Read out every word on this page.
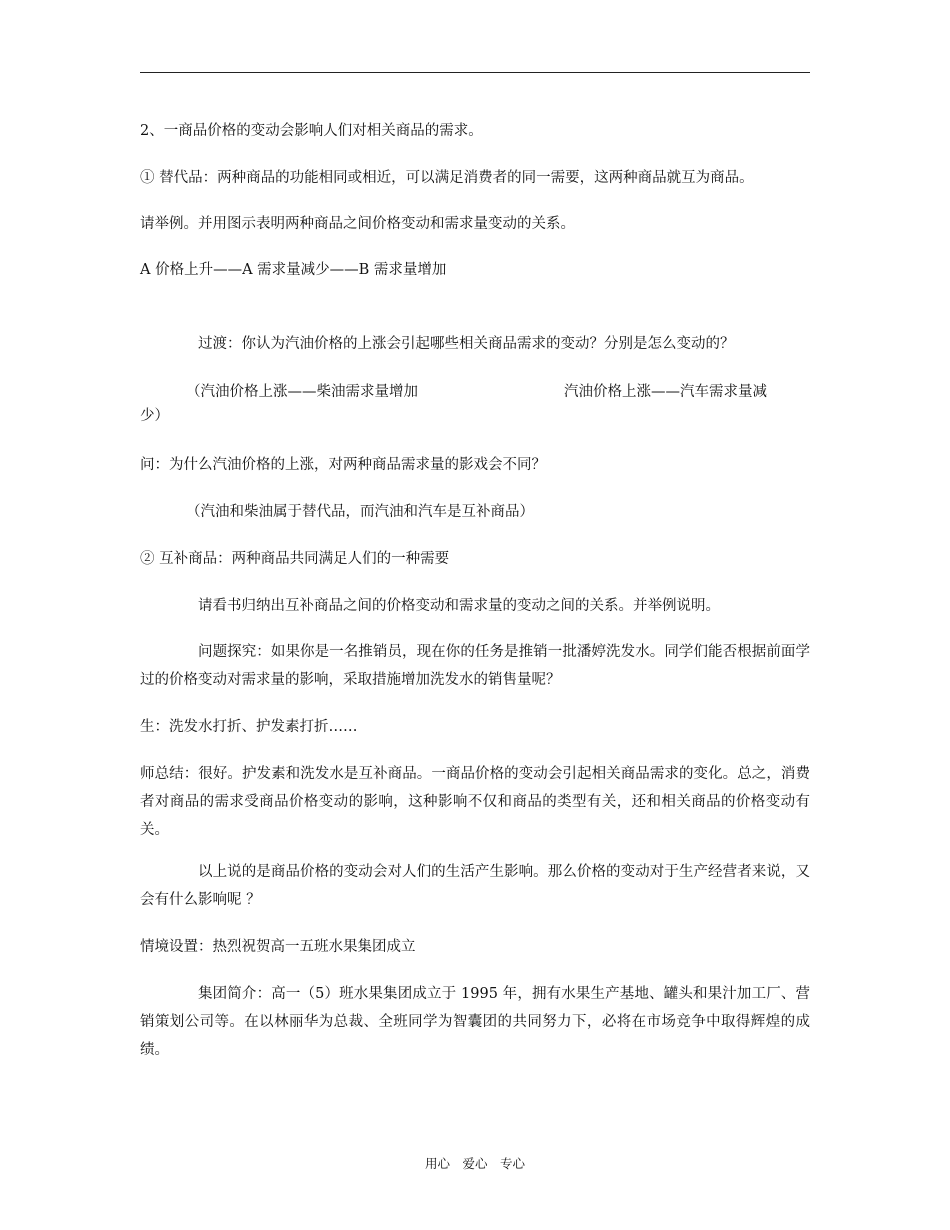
2、一商品价格的变动会影响人们对相关商品的需求。
① 替代品：两种商品的功能相同或相近，可以满足消费者的同一需要，这两种商品就互为商品。
请举例。并用图示表明两种商品之间价格变动和需求量变动的关系。
A 价格上升——A 需求量减少——B 需求量增加
过渡：你认为汽油价格的上涨会引起哪些相关商品需求的变动？分别是怎么变动的？
（汽油价格上涨——柴油需求量增加	汽油价格上涨——汽车需求量减
少）
问：为什么汽油价格的上涨，对两种商品需求量的影戏会不同？
（汽油和柴油属于替代品，而汽油和汽车是互补商品）
② 互补商品：两种商品共同满足人们的一种需要
请看书归纳出互补商品之间的价格变动和需求量的变动之间的关系。并举例说明。
问题探究：如果你是一名推销员，现在你的任务是推销一批潘婷洗发水。同学们能否根据前面学过的价格变动对需求量的影响，采取措施增加洗发水的销售量呢？
生：洗发水打折、护发素打折……
师总结：很好。护发素和洗发水是互补商品。一商品价格的变动会引起相关商品需求的变化。总之，消费者对商品的需求受商品价格变动的影响，这种影响不仅和商品的类型有关，还和相关商品的价格变动有关。
以上说的是商品价格的变动会对人们的生活产生影响。那么价格的变动对于生产经营者来说，又会有什么影响呢 ？
情境设置：热烈祝贺高一五班水果集团成立
集团简介：高一（5）班水果集团成立于 1995 年，拥有水果生产基地、罐头和果汁加工厂、营销策划公司等。在以林丽华为总裁、全班同学为智囊团的共同努力下，必将在市场竞争中取得辉煌的成绩。
用心　爱心　专心
